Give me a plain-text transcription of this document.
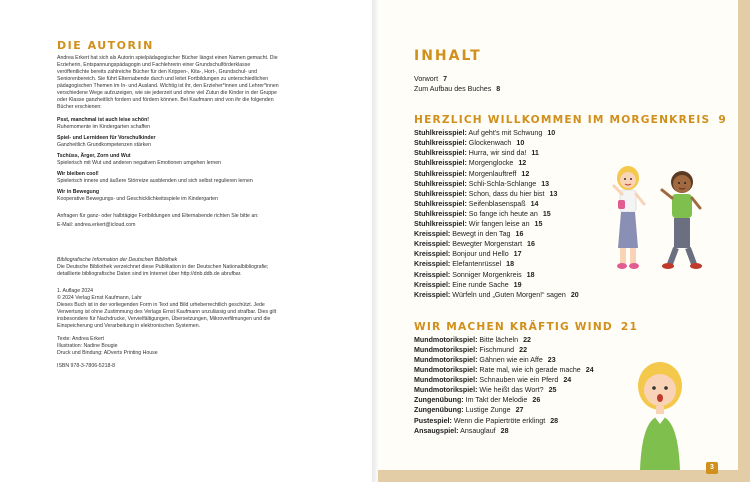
DIE AUTORIN
Andrea Erkert hat sich als Autorin spielpädagogischer Bücher längst einen Namen gemacht. Die Erzieherin, Entspannungspädagogin und Fachlehrerin einer Grundschulförderklasse veröffentlichte bereits zahlreiche Bücher für den Krippen-, Kita-, Hort-, Grundschul- und Seniorenbereich. Sie führt Elternabende durch und leitet Fortbildungen zu unterschiedlichen pädagogischen Themen im In- und Ausland. Wichtig ist ihr, den Erzieher*innen und Lehrer*innen verschiedene Wege aufzuzeigen, wie sie jederzeit und ohne viel Zutun die Kinder in der Gruppe oder Klasse ganzheitlich fordern und fördern können. Bei Kaufmann sind von ihr die folgenden Bücher erschienen:
Psst, manchmal ist auch leise schön!
Ruhemomente im Kindergarten schaffen
Spiel- und Lernideen für Vorschulkinder
Ganzheitlich Grundkompetenzen stärken
Tschüss, Ärger, Zorn und Wut
Spielerisch mit Wut und anderen negativen Emotionen umgehen lernen
Wir bleiben cool!
Spielerisch innere und äußere Störreize ausblenden und sich selbst regulieren lernen
Wir in Bewegung
Kooperative Bewegungs- und Geschicklichkeitsspiele im Kindergarten
Anfragen für ganz- oder halbtägige Fortbildungen und Elternabende richten Sie bitte an:
E-Mail: andrea.erkert@icloud.com
Bibliografische Information der Deutschen Bibliothek
Die Deutsche Bibliothek verzeichnet diese Publikation in der Deutschen Nationalbibliografie; detaillierte bibliografische Daten sind im Internet über http://dnb.ddb.de abrufbar.
1. Auflage 2024
© 2024 Verlag Ernst Kaufmann, Lahr
Dieses Buch ist in der vorliegenden Form in Text und Bild urheberrechtlich geschützt. Jede Verwertung ist ohne Zustimmung des Verlags Ernst Kaufmann unzulässig und strafbar. Dies gilt insbesondere für Nachdrucke, Vervielfältigungen, Übersetzungen, Mikroverfilmungen und die Einspeicherung und Verarbeitung in elektronischen Systemen.
Texte: Andrea Erkert
Illustration: Nadine Bougie
Druck und Bindung: ADverts Printing House
ISBN 978-3-7806-5218-8
INHALT
Vorwort 7
Zum Aufbau des Buches 8
HERZLICH WILLKOMMEN IM MORGENKREIS 9
Stuhlkreisspiel: Auf geht's mit Schwung 10
Stuhlkreisspiel: Glockenwach 10
Stuhlkreisspiel: Hurra, wir sind da! 11
Stuhlkreisspiel: Morgenglocke 12
Stuhlkreisspiel: Morgenlauftreff 12
Stuhlkreisspiel: Schli-Schla-Schlange 13
Stuhlkreisspiel: Schon, dass du hier bist 13
Stuhlkreisspiel: Seifenblasenspaß 14
Stuhlkreisspiel: So fange ich heute an 15
Stuhlkreisspiel: Wir fangen leise an 15
Kreisspiel: Bewegt in den Tag 16
Kreisspiel: Bewegter Morgenstart 16
Kreisspiel: Bonjour und Hello 17
Kreisspiel: Elefantenrüssel 18
Kreisspiel: Sonniger Morgenkreis 18
Kreisspiel: Eine runde Sache 19
Kreisspiel: Würfeln und „Guten Morgen!“ sagen 20
WIR MACHEN KRÄFTIG WIND 21
Mundmotorikspiel: Bitte lächeln 22
Mundmotorikspiel: Fischmund 22
Mundmotorikspiel: Gähnen wie ein Affe 23
Mundmotorikspiel: Rate mal, wie ich gerade mache 24
Mundmotorikspiel: Schnauben wie ein Pferd 24
Mundmotorikspiel: Wie heißt das Wort? 25
Zungenübung: Im Takt der Melodie 26
Zungenübung: Lustige Zunge 27
Pustespiel: Wenn die Papiertröte erklingt 28
Ansaugspiel: Ansauglauf 28
3
